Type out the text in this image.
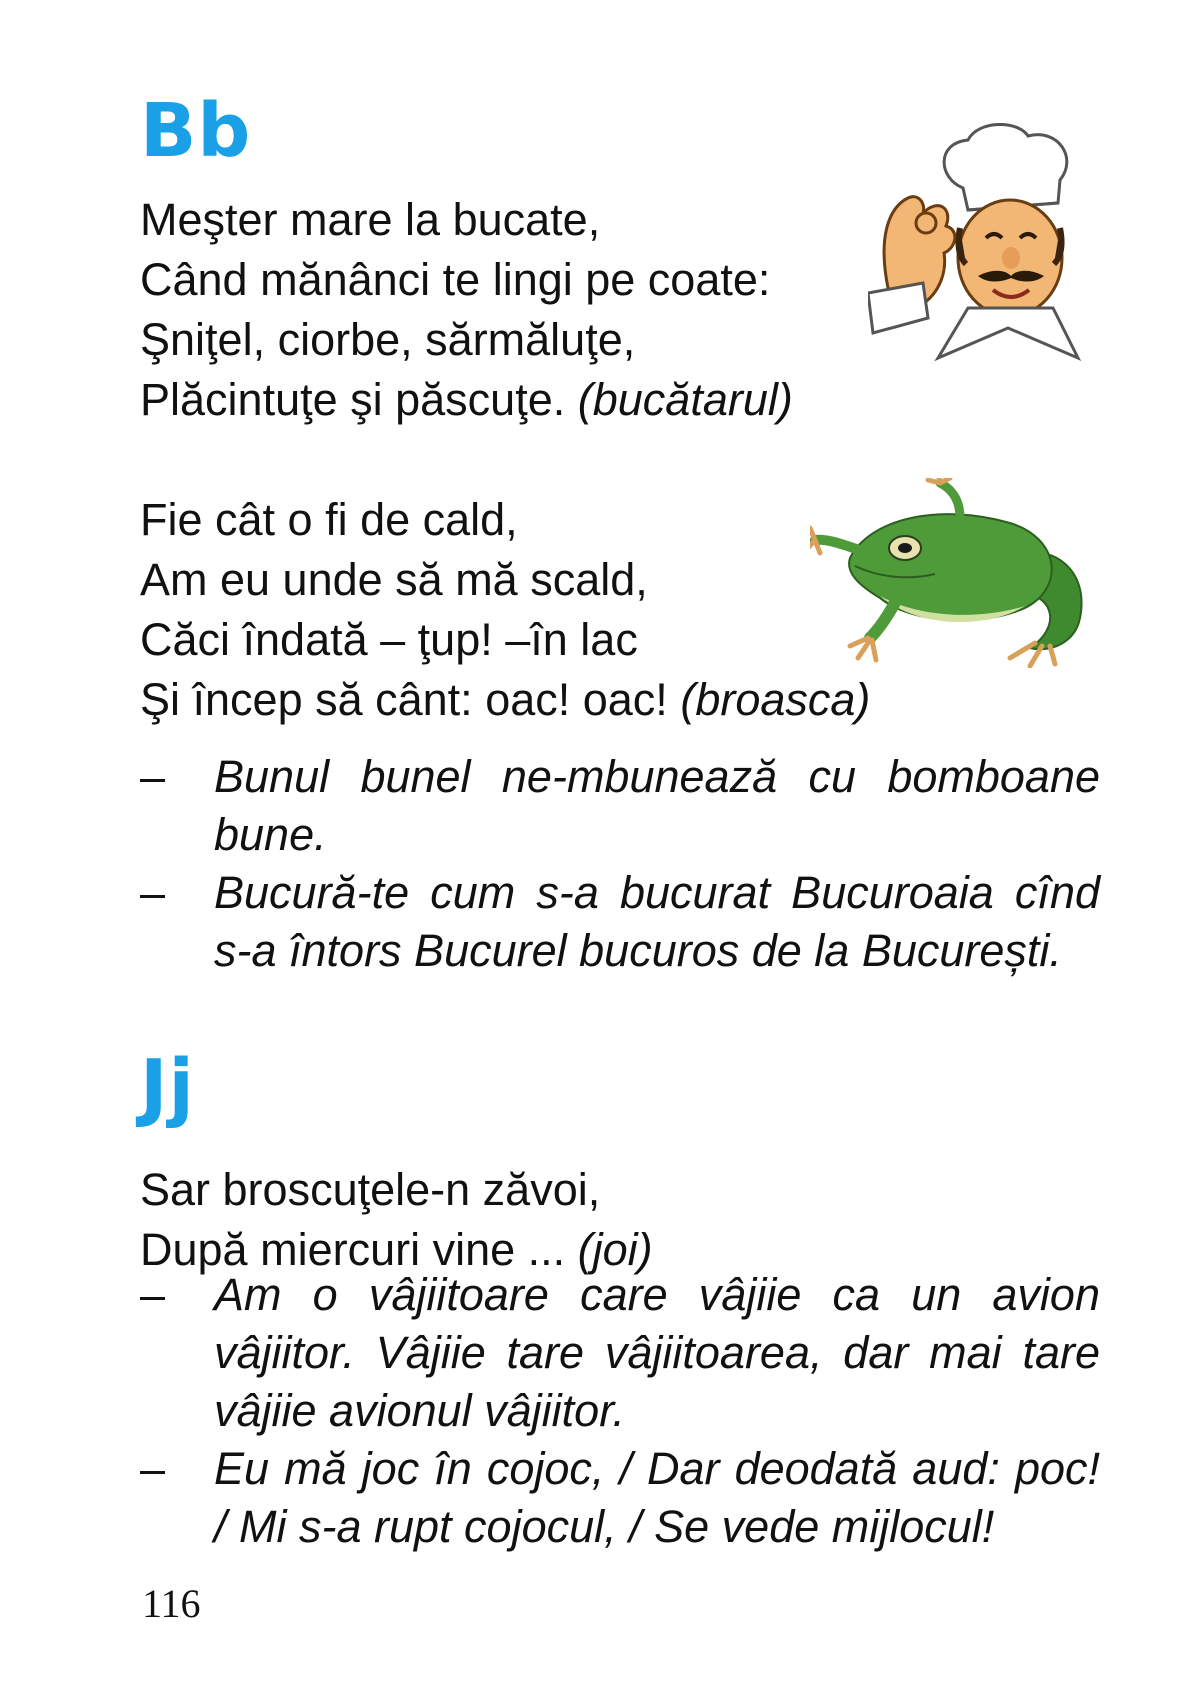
Bb
Meşter mare la bucate,
Când mănânci te lingi pe coate:
Şniţel, ciorbe, sărmăluţe,
Plăcintuţe şi păscuţe. (bucătarul)
Fie cât o fi de cald,
Am eu unde să mă scald,
Căci îndată – ţup! –în lac
Şi încep să cânt: oac! oac! (broasca)
– Bunul bunel ne-mbunează cu bomboane bune.
– Bucură-te cum s-a bucurat Bucuroaia cînd s-a întors Bucurel bucuros de la București.
Jj
Sar broscuţele-n zăvoi,
După miercuri vine ... (joi)
– Am o vâjiitoare care vâjiie ca un avion vâjiitor. Vâjiie tare vâjiitoarea, dar mai tare vâjiie avionul vâjiitor.
– Eu mă joc în cojoc, / Dar deodată aud: poc! / Mi s-a rupt cojocul, / Se vede mijlocul!
116
